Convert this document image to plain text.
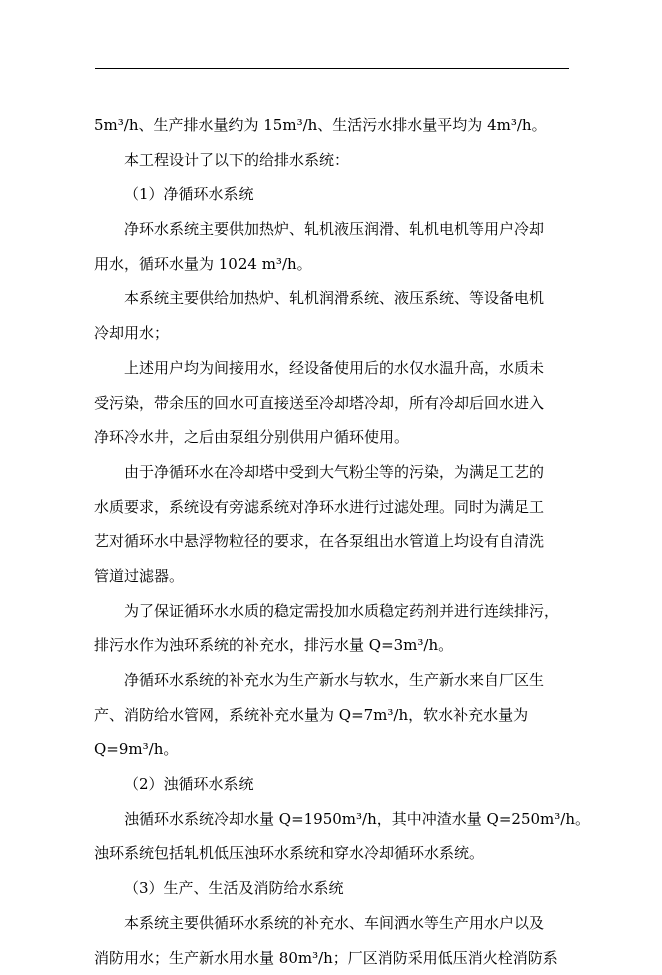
5m³/h、生产排水量约为 15m³/h、生活污水排水量平均为 4m³/h。
本工程设计了以下的给排水系统：
（1）净循环水系统
净环水系统主要供加热炉、轧机液压润滑、轧机电机等用户冷却
用水，循环水量为 1024 m³/h。
本系统主要供给加热炉、轧机润滑系统、液压系统、等设备电机
冷却用水；
上述用户均为间接用水，经设备使用后的水仅水温升高，水质未
受污染，带余压的回水可直接送至冷却塔冷却，所有冷却后回水进入
净环冷水井，之后由泵组分别供用户循环使用。
由于净循环水在冷却塔中受到大气粉尘等的污染，为满足工艺的
水质要求，系统设有旁滤系统对净环水进行过滤处理。同时为满足工
艺对循环水中悬浮物粒径的要求，在各泵组出水管道上均设有自清洗
管道过滤器。
为了保证循环水水质的稳定需投加水质稳定药剂并进行连续排污，
排污水作为浊环系统的补充水，排污水量 Q=3m³/h。
净循环水系统的补充水为生产新水与软水，生产新水来自厂区生
产、消防给水管网，系统补充水量为 Q=7m³/h，软水补充水量为
Q=9m³/h。
（2）浊循环水系统
浊循环水系统冷却水量 Q=1950m³/h，其中冲渣水量 Q=250m³/h。
浊环系统包括轧机低压浊环水系统和穿水冷却循环水系统。
（3）生产、生活及消防给水系统
本系统主要供循环水系统的补充水、车间洒水等生产用水户以及
消防用水；生产新水用水量 80m³/h；厂区消防采用低压消火栓消防系
